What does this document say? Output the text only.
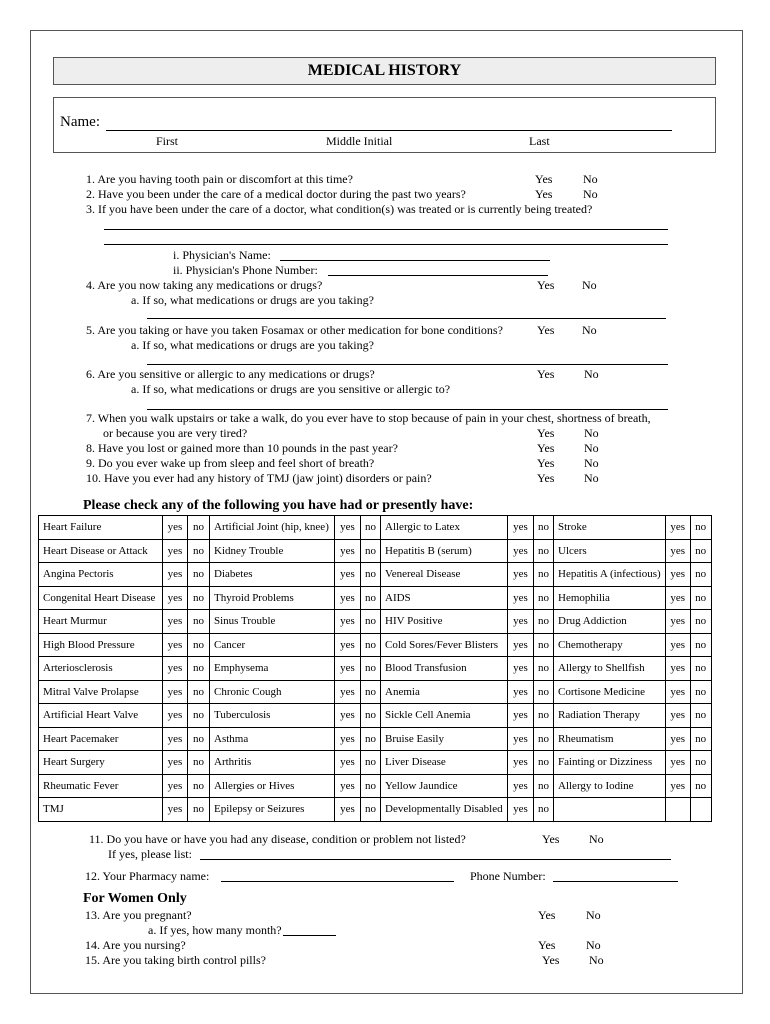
MEDICAL HISTORY
Name:
First	Middle Initial	Last
1. Are you having tooth pain or discomfort at this time?	Yes	No
2. Have you been under the care of a medical doctor during the past two years?	Yes	No
3. If you have been under the care of a doctor, what condition(s) was treated or is currently being treated?
i. Physician's Name:
ii. Physician's Phone Number:
4. Are you now taking any medications or drugs?	Yes No
a. If so, what medications or drugs are you taking?
5. Are you taking or have you taken Fosamax or other medication for bone conditions?	Yes No
a. If so, what medications or drugs are you taking?
6. Are you sensitive or allergic to any medications or drugs?	Yes No
a. If so, what medications or drugs are you sensitive or allergic to?
7. When you walk upstairs or take a walk, do you ever have to stop because of pain in your chest, shortness of breath,
or because you are very tired?	Yes No
8. Have you lost or gained more than 10 pounds in the past year?	Yes No
9. Do you ever wake up from sleep and feel short of breath?	Yes No
10. Have you ever had any history of TMJ (jaw joint) disorders or pain?	Yes No
Please check any of the following you have had or presently have:
Heart Failure	yes	no	Artificial Joint (hip, knee)	yes	no	Allergic to Latex	yes	no	Stroke	yes	no
Heart Disease or Attack	yes	no	Kidney Trouble	yes	no	Hepatitis B (serum)	yes	no	Ulcers	yes	no
Angina Pectoris	yes	no	Diabetes	yes	no	Venereal Disease	yes	no	Hepatitis A (infectious)	yes	no
Congenital Heart Disease	yes	no	Thyroid Problems	yes	no	AIDS	yes	no	Hemophilia	yes	no
Heart Murmur	yes	no	Sinus Trouble	yes	no	HIV Positive	yes	no	Drug Addiction	yes	no
High Blood Pressure	yes	no	Cancer	yes	no	Cold Sores/Fever Blisters	yes	no	Chemotherapy	yes	no
Arteriosclerosis	yes	no	Emphysema	yes	no	Blood Transfusion	yes	no	Allergy to Shellfish	yes	no
Mitral Valve Prolapse	yes	no	Chronic Cough	yes	no	Anemia	yes	no	Cortisone Medicine	yes	no
Artificial Heart Valve	yes	no	Tuberculosis	yes	no	Sickle Cell Anemia	yes	no	Radiation Therapy	yes	no
Heart Pacemaker	yes	no	Asthma	yes	no	Bruise Easily	yes	no	Rheumatism	yes	no
Heart Surgery	yes	no	Arthritis	yes	no	Liver Disease	yes	no	Fainting or Dizziness	yes	no
Rheumatic Fever	yes	no	Allergies or Hives	yes	no	Yellow Jaundice	yes	no	Allergy to Iodine	yes	no
TMJ	yes	no	Epilepsy or Seizures	yes	no	Developmentally Disabled	yes	no			
11. Do you have or have you had any disease, condition or problem not listed?	Yes No
If yes, please list:
12. Your Pharmacy name:	Phone Number:
For Women Only
13. Are you pregnant?	Yes	No
a. If yes, how many month?
14. Are you nursing?	Yes	No
15. Are you taking birth control pills?	Yes No
